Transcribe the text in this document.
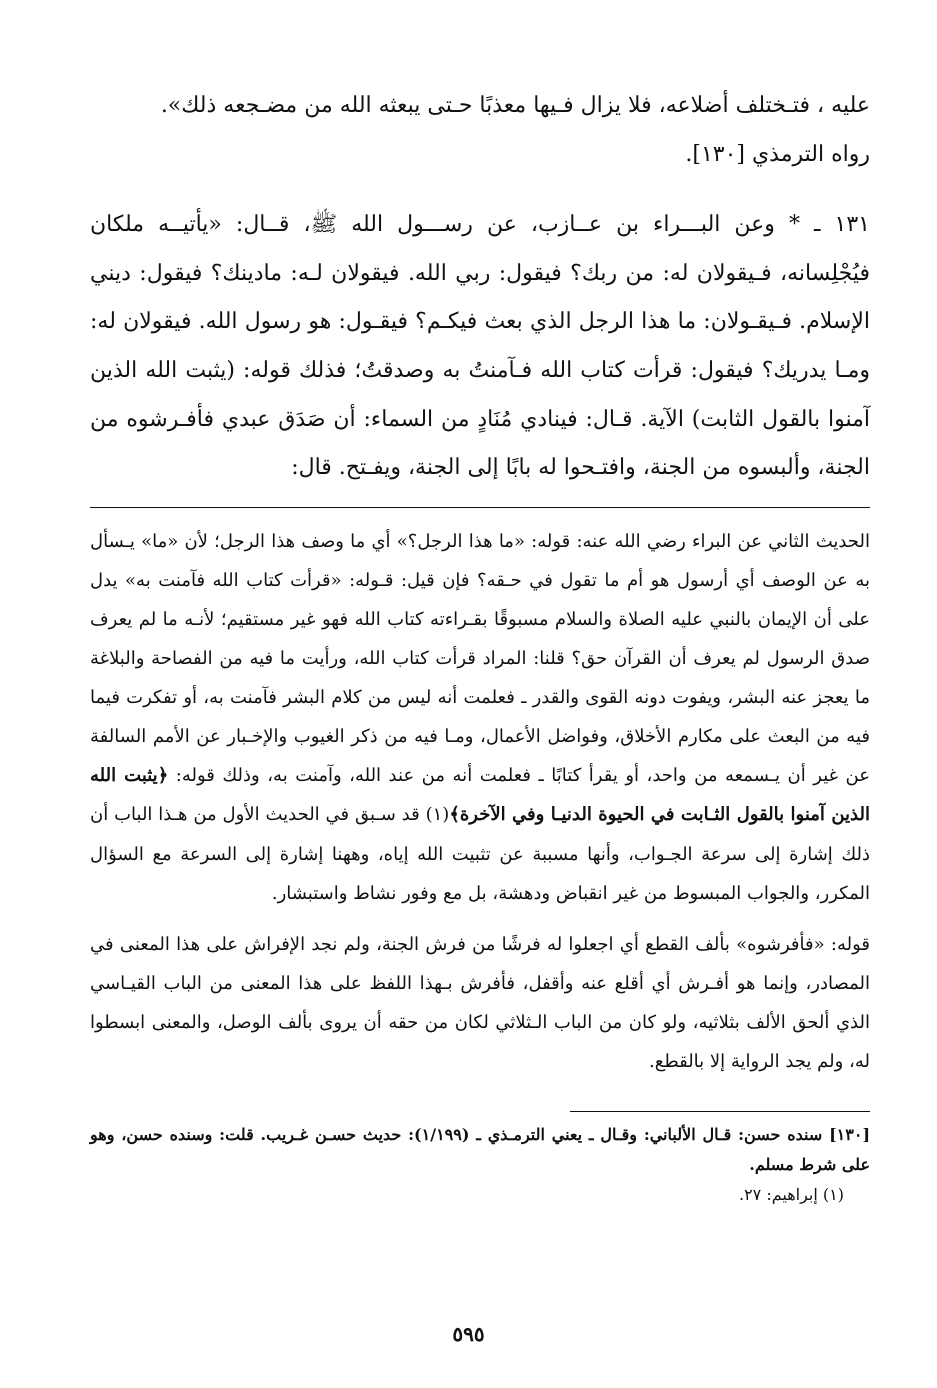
عليه ، فتـختلف أضلاعه، فلا يزال فـيها معذبًا حـتى يبعثه الله من مضـجعه ذلك».

رواه الترمذي [١٣٠].

١٣١ ـ * وعن البـــراء بن عــازب، عن رســـول الله ﷺ، قــال: «يأتيــه ملكان فيُجْلِسانه، فـيقولان له: من ربك؟ فيقول: ربي الله. فيقولان لـه: مادينك؟ فيقول: ديني الإسلام. فـيقـولان: ما هذا الرجل الذي بعث فيكـم؟ فيقـول: هو رسول الله. فيقولان له: ومـا يدريك؟ فيقول: قرأت كتاب الله فـآمنتُ به وصدقتُ؛ فذلك قوله: (يثبت الله الذين آمنوا بالقول الثابت) الآية. قـال: فينادي مُنَادٍ من السماء: أن صَدَق عبدي فأفـرشوه من الجنة، وألبسوه من الجنة، وافتـحوا له بابًا إلى الجنة، ويفـتح. قال:

الحديث الثاني عن البراء رضي الله عنه: قوله: «ما هذا الرجل؟» أي ما وصف هذا الرجل؛ لأن «ما» يـسأل به عن الوصف أي أرسول هو أم ما تقول في حـقه؟ فإن قيل: قـوله: «قرأت كتاب الله فآمنت به» يدل على أن الإيمان بالنبي عليه الصلاة والسلام مسبوقًا بقـراءته كتاب الله فهو غير مستقيم؛ لأنـه ما لم يعرف صدق الرسول لم يعرف أن القرآن حق؟ قلنا: المراد قرأت كتاب الله، ورأيت ما فيه من الفصاحة والبلاغة ما يعجز عنه البشر، ويفوت دونه القوى والقدر ـ فعلمت أنه ليس من كلام البشر فآمنت به، أو تفكرت فيما فيه من البعث على مكارم الأخلاق، وفواضل الأعمال، ومـا فيه من ذكر الغيوب والإخـبار عن الأمم السالفة عن غير أن يـسمعه من واحد، أو يقرأ كتابًا ـ فعلمت أنه من عند الله، وآمنت به، وذلك قوله: ﴿يثبت الله الذين آمنوا بالقول الثـابت في الحيوة الدنيـا وفي الآخرة﴾(١) قد سـبق في الحديث الأول من هـذا الباب أن ذلك إشارة إلى سرعة الجـواب، وأنها مسببة عن تثبيت الله إياه، وههنا إشارة إلى السرعة مع السؤال المكرر، والجواب المبسوط من غير انقباض ودهشة، بل مع وفور نشاط واستبشار.

قوله: «فأفرشوه» بألف القطع أي اجعلوا له فرشًا من فرش الجنة، ولم نجد الإفراش على هذا المعنى في المصادر، وإنما هو أفـرش أي أقلع عنه وأقفل، فأفرش بـهذا اللفظ على هذا المعنى من الباب القيـاسي الذي ألحق الألف بثلاثيه، ولو كان من الباب الـثلاثي لكان من حقه أن يروى بألف الوصل، والمعنى ابسطوا له، ولم يجد الرواية إلا بالقطع.

[١٣٠] سنده حسن: قـال الألباني: وقـال ـ يعني الترمـذي ـ (١/١٩٩): حديث حسـن غـريب. قلت: وسنده حسن، وهو على شرط مسلم.

(١) إبراهيم: ٢٧.

٥٩٥
